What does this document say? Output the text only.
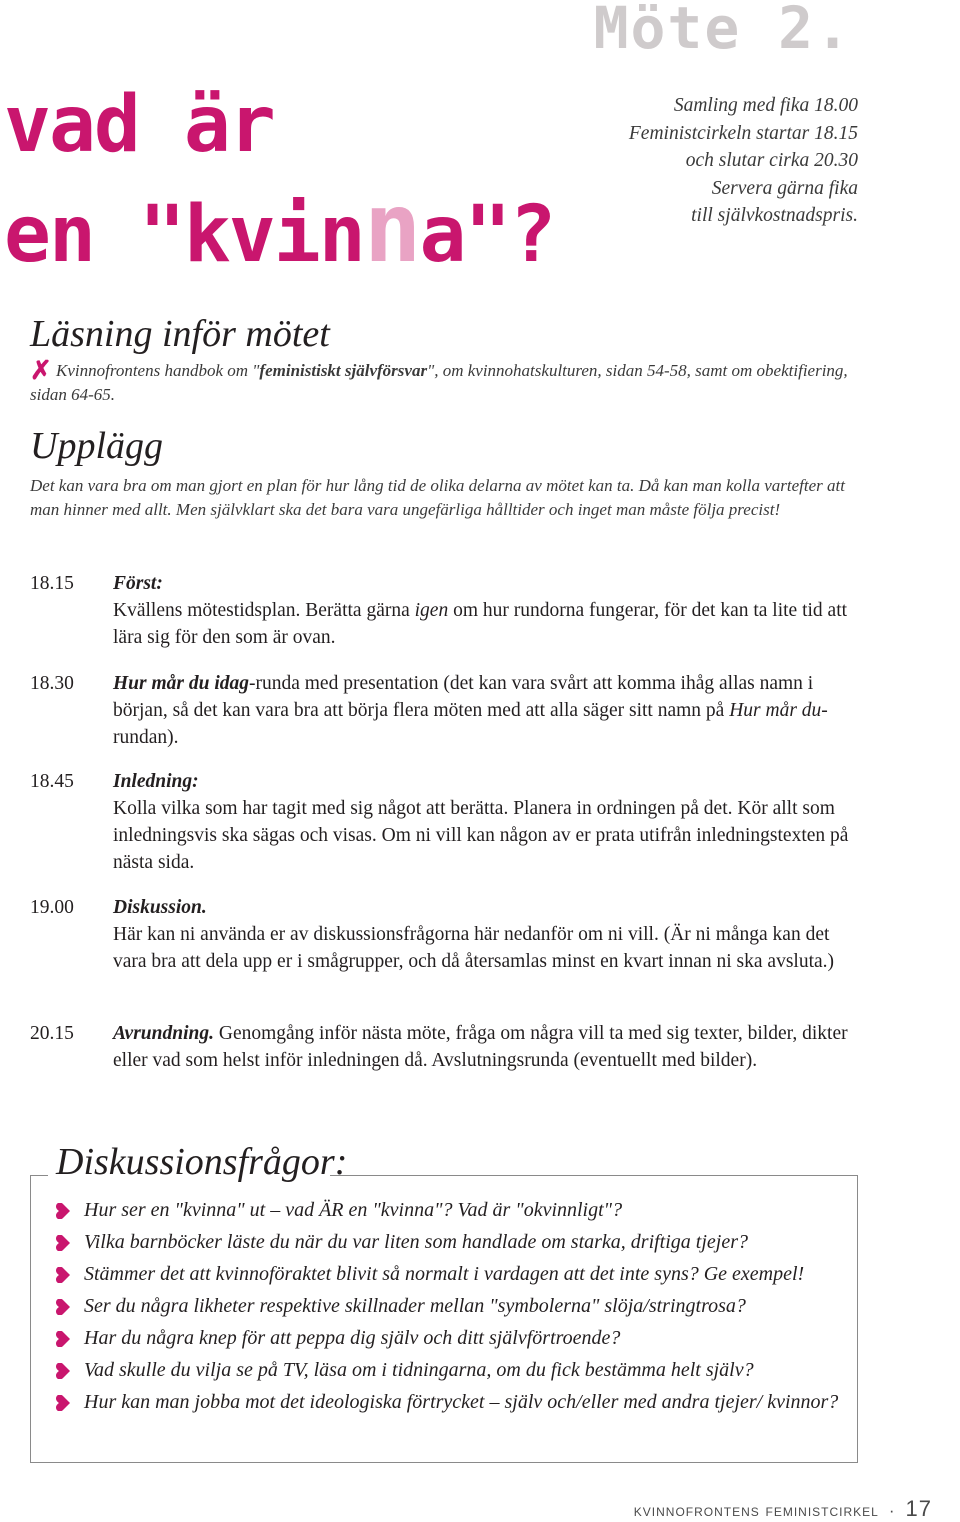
Möte 2.
vad är
en "kvinna"?
Samling med fika 18.00
Feministcirkeln startar 18.15
och slutar cirka 20.30
Servera gärna fika
till självkostnadspris.
Läsning inför mötet
✗ Kvinnofrontens handbok om "feministiskt självförsvar", om kvinnohatskulturen, sidan 54-58, samt om obektifiering, sidan 64-65.
Upplägg
Det kan vara bra om man gjort en plan för hur lång tid de olika delarna av mötet kan ta. Då kan man kolla vartefter att man hinner med allt. Men självklart ska det bara vara ungefärliga hålltider och inget man måste följa precist!
18.15	Först:
Kvällens mötestidsplan. Berätta gärna igen om hur rundorna fungerar, för det kan ta lite tid att lära sig för den som är ovan.
18.30	Hur mår du idag-runda med presentation (det kan vara svårt att komma ihåg allas namn i början, så det kan vara bra att börja flera möten med att alla säger sitt namn på Hur mår du-rundan).
18.45	Inledning:
Kolla vilka som har tagit med sig något att berätta. Planera in ordningen på det. Kör allt som inledningsvis ska sägas och visas. Om ni vill kan någon av er prata utifrån inledningstexten på nästa sida.
19.00	Diskussion.
Här kan ni använda er av diskussionsfrågorna här nedanför om ni vill. (Är ni många kan det vara bra att dela upp er i smågrupper, och då återsamlas minst en kvart innan ni ska avsluta.)
20.15	Avrundning. Genomgång inför nästa möte, fråga om några vill ta med sig texter, bilder, dikter eller vad som helst inför inledningen då. Avslutningsrunda (eventuellt med bilder).
Diskussionsfrågor:
Hur ser en "kvinna" ut – vad ÄR en "kvinna"? Vad är "okvinnligt"?
Vilka barnböcker läste du när du var liten som handlade om starka, driftiga tjejer?
Stämmer det att kvinnoföraktet blivit så normalt i vardagen att det inte syns? Ge exempel!
Ser du några likheter respektive skillnader mellan "symbolerna" slöja/stringtrosa?
Har du några knep för att peppa dig själv och ditt självförtroende?
Vad skulle du vilja se på TV, läsa om i tidningarna, om du fick bestämma helt själv?
Hur kan man jobba mot det ideologiska förtrycket – själv och/eller med andra tjejer/ kvinnor?
kvinnofrontens feministcirkel · 17
